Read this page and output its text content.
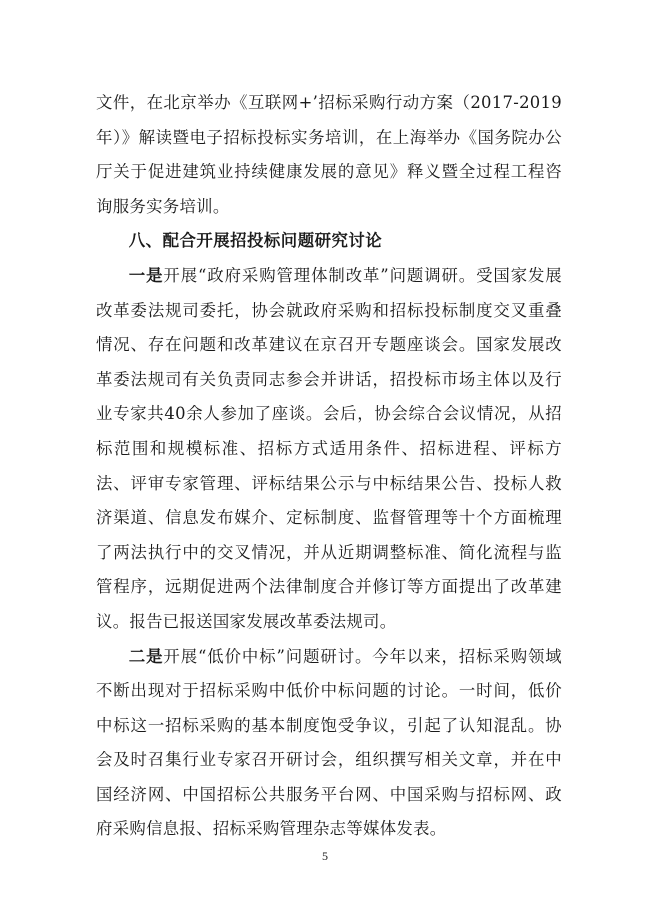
文件，在北京举办《互联网+’招标采购行动方案（2017-2019年）》解读暨电子招标投标实务培训，在上海举办《国务院办公厅关于促进建筑业持续健康发展的意见》释义暨全过程工程咨询服务实务培训。

八、配合开展招投标问题研究讨论

一是开展“政府采购管理体制改革”问题调研。受国家发展改革委法规司委托，协会就政府采购和招标投标制度交叉重叠情况、存在问题和改革建议在京召开专题座谈会。国家发展改革委法规司有关负责同志参会并讲话，招投标市场主体以及行业专家共40余人参加了座谈。会后，协会综合会议情况，从招标范围和规模标准、招标方式适用条件、招标进程、评标方法、评审专家管理、评标结果公示与中标结果公告、投标人救济渠道、信息发布媒介、定标制度、监督管理等十个方面梳理了两法执行中的交叉情况，并从近期调整标准、简化流程与监管程序，远期促进两个法律制度合并修订等方面提出了改革建议。报告已报送国家发展改革委法规司。

二是开展“低价中标”问题研讨。今年以来，招标采购领域不断出现对于招标采购中低价中标问题的讨论。一时间，低价中标这一招标采购的基本制度饱受争议，引起了认知混乱。协会及时召集行业专家召开研讨会，组织撰写相关文章，并在中国经济网、中国招标公共服务平台网、中国采购与招标网、政府采购信息报、招标采购管理杂志等媒体发表。

5
